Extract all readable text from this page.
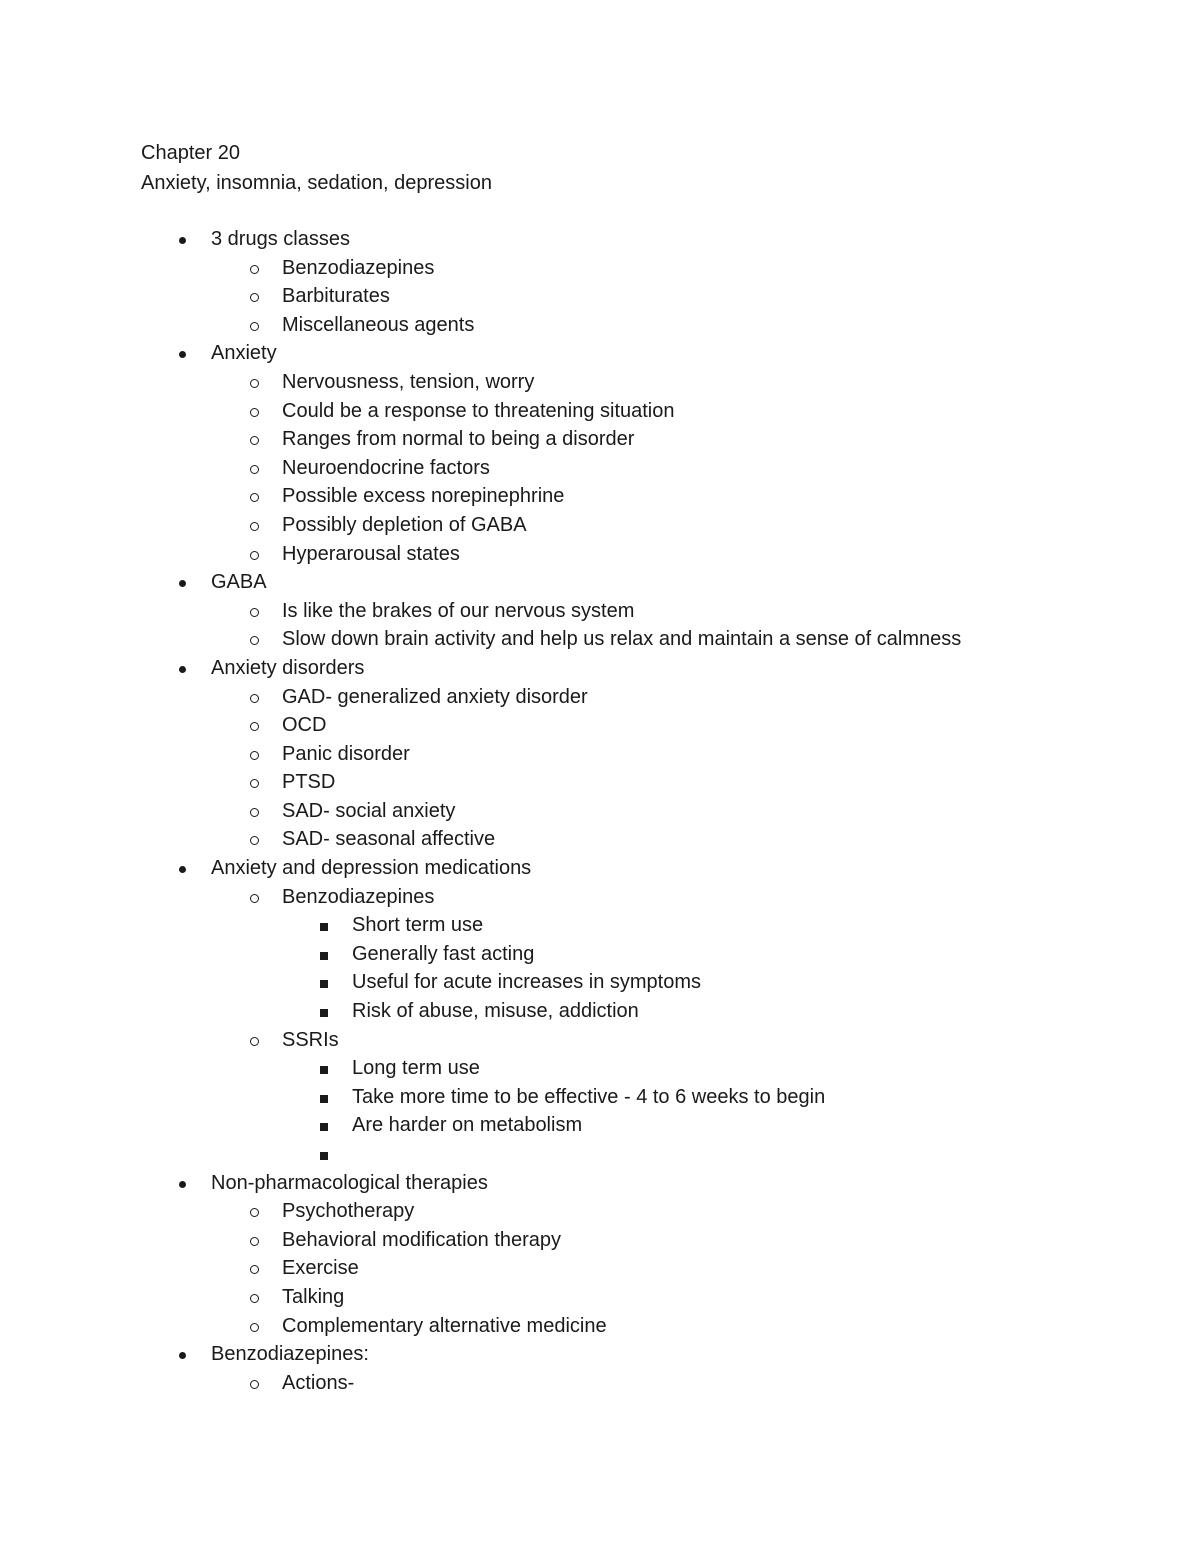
Chapter 20
Anxiety, insomnia, sedation, depression
3 drugs classes
Benzodiazepines
Barbiturates
Miscellaneous agents
Anxiety
Nervousness, tension, worry
Could be a response to threatening situation
Ranges from normal to being a disorder
Neuroendocrine factors
Possible excess norepinephrine
Possibly depletion of GABA
Hyperarousal states
GABA
Is like the brakes of our nervous system
Slow down brain activity and help us relax and maintain a sense of calmness
Anxiety disorders
GAD- generalized anxiety disorder
OCD
Panic disorder
PTSD
SAD- social anxiety
SAD- seasonal affective
Anxiety and depression medications
Benzodiazepines
Short term use
Generally fast acting
Useful for acute increases in symptoms
Risk of abuse, misuse, addiction
SSRIs
Long term use
Take more time to be effective - 4 to 6 weeks to begin
Are harder on metabolism
Non-pharmacological therapies
Psychotherapy
Behavioral modification therapy
Exercise
Talking
Complementary alternative medicine
Benzodiazepines:
Actions-
